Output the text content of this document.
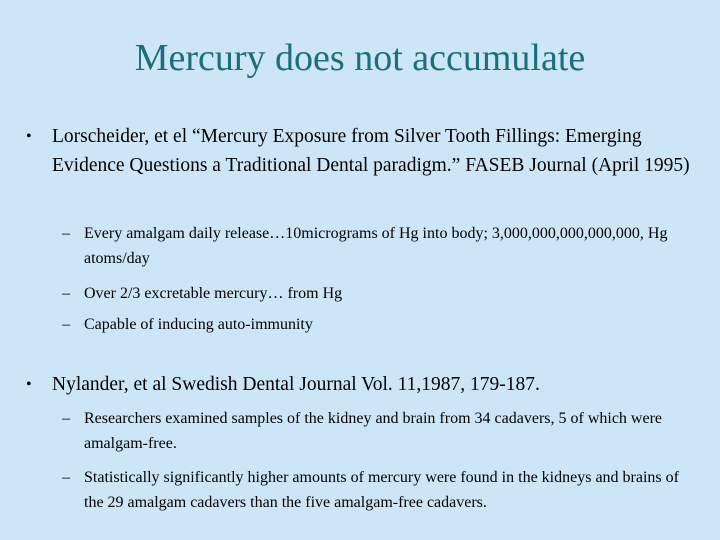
Mercury does not accumulate
•	Lorscheider, et el “Mercury Exposure from Silver Tooth Fillings: Emerging Evidence Questions a Traditional Dental paradigm.” FASEB Journal (April 1995)
– Every amalgam daily release…10micrograms of Hg into body; 3,000,000,000,000,000, Hg atoms/day
– Over 2/3 excretable mercury… from Hg
– Capable of inducing auto-immunity
•	Nylander, et al Swedish Dental Journal Vol. 11,1987, 179-187.
– Researchers examined samples of the kidney and brain from 34 cadavers, 5 of which were amalgam-free.
– Statistically significantly higher amounts of mercury were found in the kidneys and brains of the 29 amalgam cadavers than the five amalgam-free cadavers.
